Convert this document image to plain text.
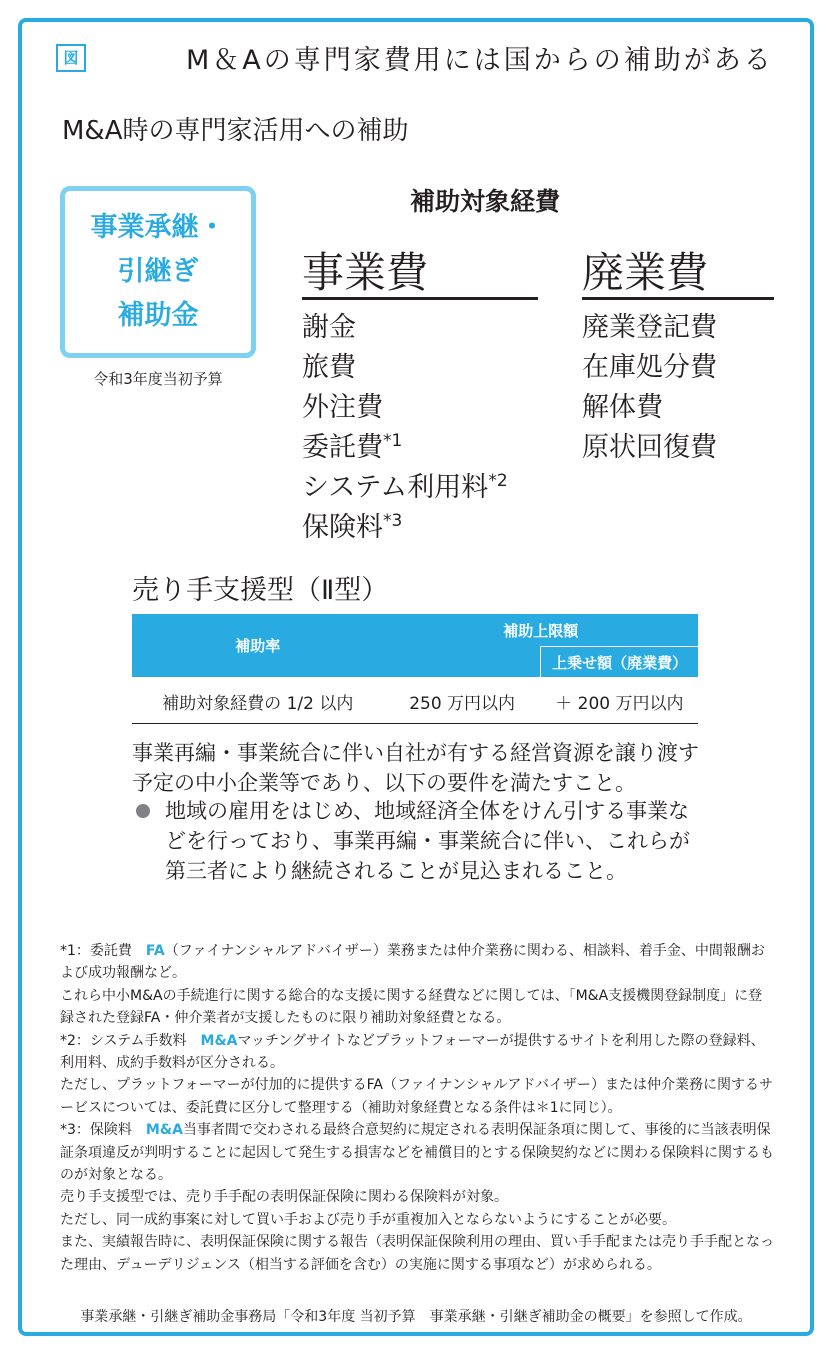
図	M＆Aの専門家費用には国からの補助がある
M&A時の専門家活用への補助
事業承継・
引継ぎ
補助金
令和3年度当初予算
補助対象経費
事業費
謝金
旅費
外注費
委託費$^{*1}$
システム利用料$^{*2}$
保険料$^{*3}$
廃業費
廃業登記費
在庫処分費
解体費
原状回復費
売り手支援型（Ⅱ型）
補助率	補助上限額	
		上乗せ額（廃業費）
補助対象経費の 1/2 以内	250 万円以内	＋ 200 万円以内
事業再編・事業統合に伴い自社が有する経営資源を譲り渡す予定の中小企業等であり、以下の要件を満たすこと。
地域の雇用をはじめ、地域経済全体をけん引する事業などを行っており、事業再編・事業統合に伴い、これらが第三者により継続されることが見込まれること。

*1：委託費　FA（ファイナンシャルアドバイザー）業務または仲介業務に関わる、相談料、着手金、中間報酬および成功報酬など。

これら中小M&Aの手続進行に関する総合的な支援に関する経費などに関しては、「M&A支援機関登録制度」に登録された登録FA・仲介業者が支援したものに限り補助対象経費となる。

*2：システム手数料　M&Aマッチングサイトなどプラットフォーマーが提供するサイトを利用した際の登録料、利用料、成約手数料が区分される。

ただし、プラットフォーマーが付加的に提供するFA（ファイナンシャルアドバイザー）または仲介業務に関するサービスについては、委託費に区分して整理する（補助対象経費となる条件は＊1に同じ）。

*3：保険料　M&A当事者間で交わされる最終合意契約に規定される表明保証条項に関して、事後的に当該表明保証条項違反が判明することに起因して発生する損害などを補償目的とする保険契約などに関わる保険料に関するものが対象となる。

売り手支援型では、売り手手配の表明保証保険に関わる保険料が対象。

ただし、同一成約事案に対して買い手および売り手が重複加入とならないようにすることが必要。

また、実績報告時に、表明保証保険に関する報告（表明保証保険利用の理由、買い手手配または売り手手配となった理由、デューデリジェンス（相当する評価を含む）の実施に関する事項など）が求められる。

事業承継・引継ぎ補助金事務局「令和3年度 当初予算　事業承継・引継ぎ補助金の概要」を参照して作成。
